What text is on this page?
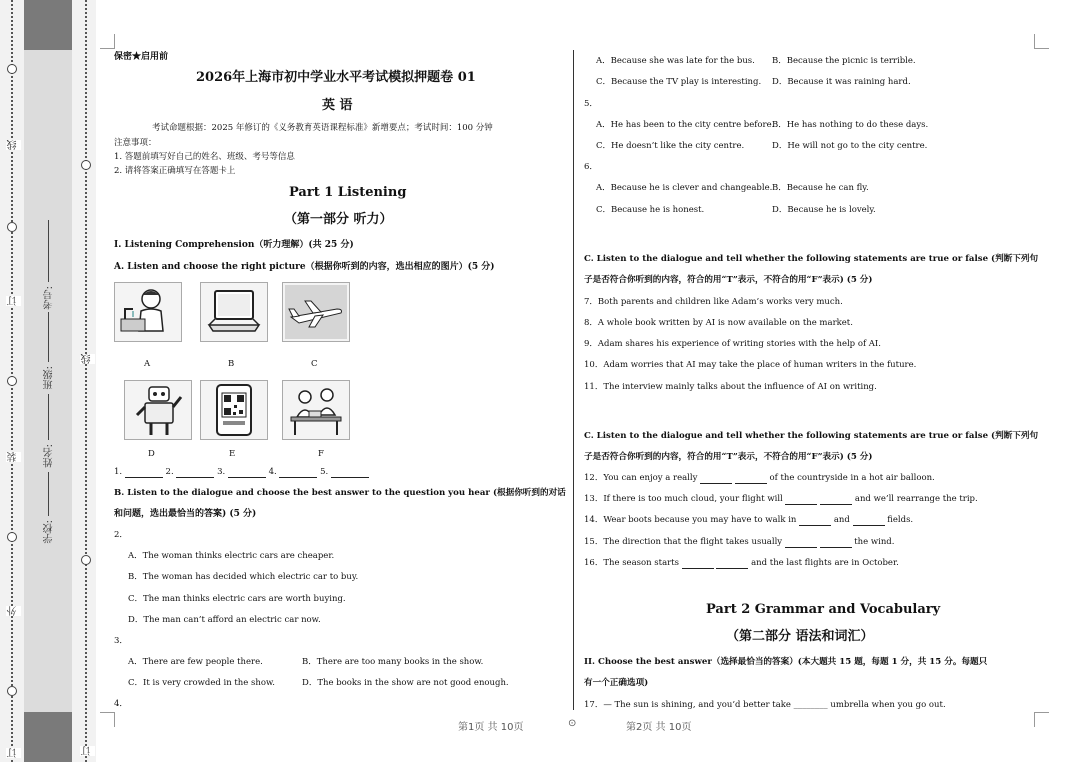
线
订
装
外
订
线
订
考号:
班级:
姓名:
学校:
保密★启用前
2026年上海市初中学业水平考试模拟押题卷 01
英 语
考试命题根据：2025 年修订的《义务教育英语课程标准》新增要点；考试时间：100 分钟
注意事项：
1. 答题前填写好自己的姓名、班级、考号等信息
2. 请将答案正确填写在答题卡上
Part 1 Listening
（第一部分 听力）
I. Listening Comprehension（听力理解）(共 25 分)
A. Listen and choose the right picture（根据你听到的内容，选出相应的图片）(5 分)
A	B	C
D	E	F
1.	2.	3.	4.	5.
B. Listen to the dialogue and choose the best answer to the question you hear (根据你听到的对话
和问题，选出最恰当的答案) (5 分)
2．
A．The woman thinks electric cars are cheaper.
B．The woman has decided which electric car to buy.
C．The man thinks electric cars are worth buying.
D．The man can’t afford an electric car now.
3．
A．There are few people there.	B．There are too many books in the show.
C．It is very crowded in the show.	D．The books in the show are not good enough.
4．
A．Because she was late for the bus. B．Because the picnic is terrible.
C．Because the TV play is interesting. D．Because it was raining hard.
5．
A．He has been to the city centre before.
B．He has nothing to do these days.
C．He doesn’t like the city centre.	D．He will not go to the city centre.
6．
A．Because he is clever and changeable. B．Because he can fly.
C．Because he is honest.	D．Because he is lovely.
C. Listen to the dialogue and tell whether the following statements are true or false (判断下列句
子是否符合你听到的内容，符合的用“T”表示，不符合的用“F”表示) (5 分)
7．Both parents and children like Adam’s works very much.
8．A whole book written by AI is now available on the market.
9．Adam shares his experience of writing stories with the help of AI.
10．Adam worries that AI may take the place of human writers in the future.
11．The interview mainly talks about the influence of AI on writing.
C. Listen to the dialogue and tell whether the following statements are true or false (判断下列句
子是否符合你听到的内容，符合的用“T”表示，不符合的用“F”表示) (5 分)
12．You can enjoy a really	of the countryside in a hot air balloon.
13．If there is too much cloud, your flight will	and we’ll rearrange the trip.
14．Wear boots because you may have to walk in	and	fields.
15．The direction that the flight takes usually	the wind.
16．The season starts	and the last flights are in October.
Part 2 Grammar and Vocabulary
（第二部分 语法和词汇）
II. Choose the best answer（选择最恰当的答案）(本大题共 15 题，每题 1 分，共 15 分。每题只
有一个正确选项)
17．— The sun is shining, and you’d better take ________ umbrella when you go out.
第1页 共 10页	⊙	第2页 共 10页
